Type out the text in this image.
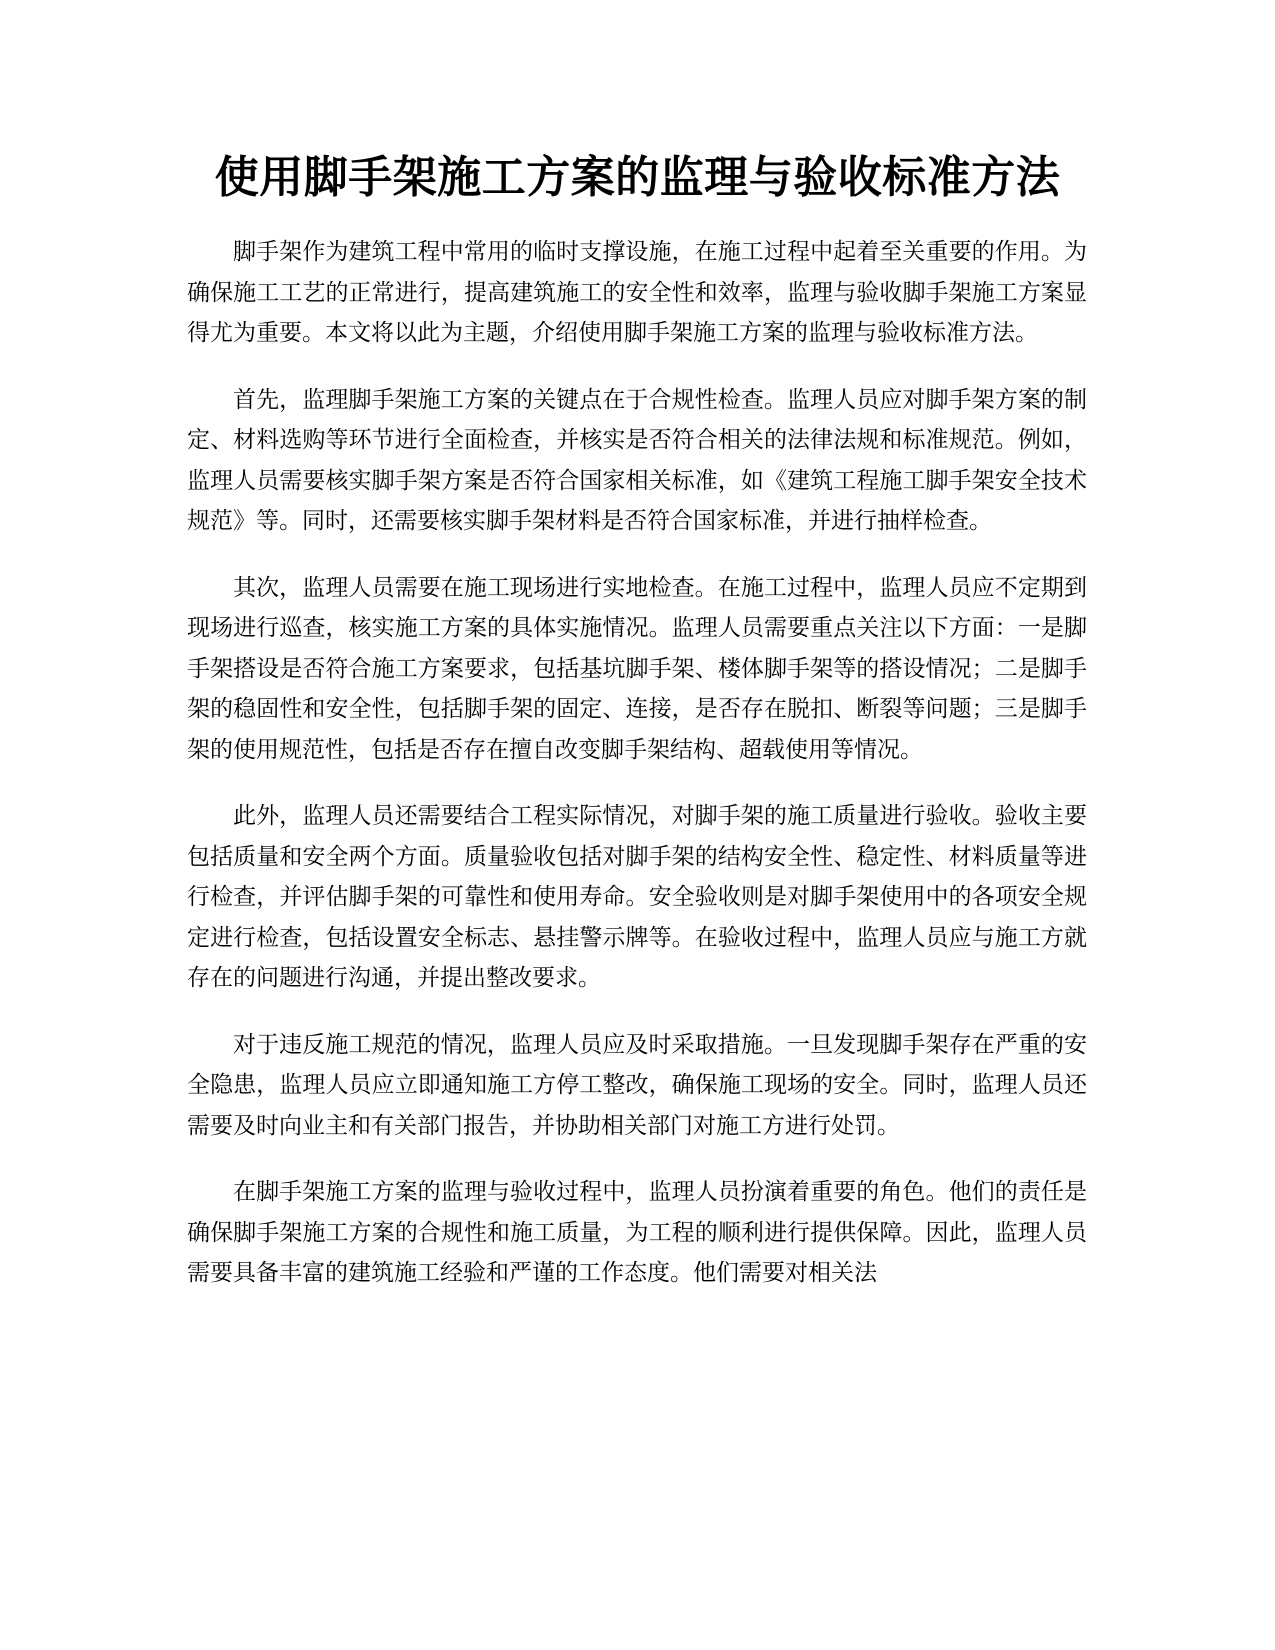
使用脚手架施工方案的监理与验收标准方法

脚手架作为建筑工程中常用的临时支撑设施，在施工过程中起着至关重要的作用。为确保施工工艺的正常进行，提高建筑施工的安全性和效率，监理与验收脚手架施工方案显得尤为重要。本文将以此为主题，介绍使用脚手架施工方案的监理与验收标准方法。

首先，监理脚手架施工方案的关键点在于合规性检查。监理人员应对脚手架方案的制定、材料选购等环节进行全面检查，并核实是否符合相关的法律法规和标准规范。例如，监理人员需要核实脚手架方案是否符合国家相关标准，如《建筑工程施工脚手架安全技术规范》等。同时，还需要核实脚手架材料是否符合国家标准，并进行抽样检查。

其次，监理人员需要在施工现场进行实地检查。在施工过程中，监理人员应不定期到现场进行巡查，核实施工方案的具体实施情况。监理人员需要重点关注以下方面：一是脚手架搭设是否符合施工方案要求，包括基坑脚手架、楼体脚手架等的搭设情况；二是脚手架的稳固性和安全性，包括脚手架的固定、连接，是否存在脱扣、断裂等问题；三是脚手架的使用规范性，包括是否存在擅自改变脚手架结构、超载使用等情况。

此外，监理人员还需要结合工程实际情况，对脚手架的施工质量进行验收。验收主要包括质量和安全两个方面。质量验收包括对脚手架的结构安全性、稳定性、材料质量等进行检查，并评估脚手架的可靠性和使用寿命。安全验收则是对脚手架使用中的各项安全规定进行检查，包括设置安全标志、悬挂警示牌等。在验收过程中，监理人员应与施工方就存在的问题进行沟通，并提出整改要求。

对于违反施工规范的情况，监理人员应及时采取措施。一旦发现脚手架存在严重的安全隐患，监理人员应立即通知施工方停工整改，确保施工现场的安全。同时，监理人员还需要及时向业主和有关部门报告，并协助相关部门对施工方进行处罚。

在脚手架施工方案的监理与验收过程中，监理人员扮演着重要的角色。他们的责任是确保脚手架施工方案的合规性和施工质量，为工程的顺利进行提供保障。因此，监理人员需要具备丰富的建筑施工经验和严谨的工作态度。他们需要对相关法
